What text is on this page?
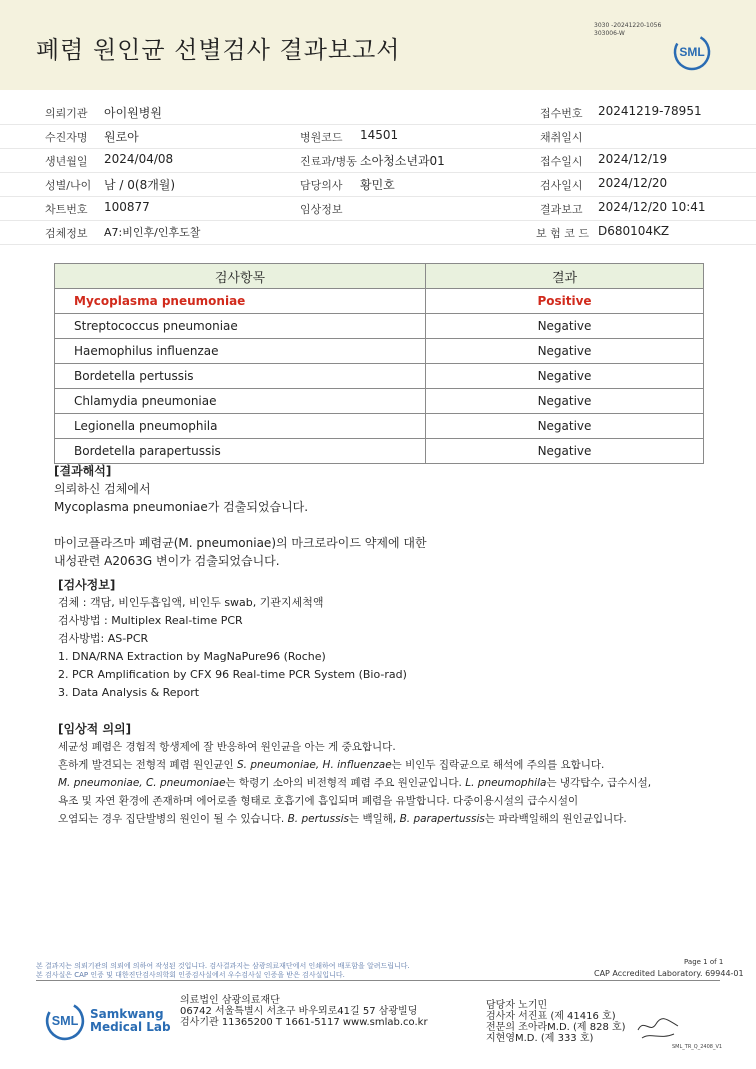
폐렴 원인균 선별검사 결과보고서
3030 -20241220-1056
303006-W
SML
의뢰기관 아이원병원	접수번호 20241219-78951
수진자명 원로아	병원코드 14501	채취일시
생년월일 2024/04/08	진료과/병동 소아청소년과01	접수일시 2024/12/19
성별/나이 남 / 0(8개월)	담당의사 황민호	검사일시 2024/12/20
차트번호 100877	임상정보	결과보고 2024/12/20 10:41
검체정보 A7:비인후/인후도찰	보 험 코 드 D680104KZ
검사항목	결과
Mycoplasma pneumoniae	Positive
Streptococcus pneumoniae	Negative
Haemophilus influenzae	Negative
Bordetella pertussis	Negative
Chlamydia pneumoniae	Negative
Legionella pneumophila	Negative
Bordetella parapertussis	Negative
[결과해석]
의뢰하신 검체에서
Mycoplasma pneumoniae가 검출되었습니다.
마이코플라즈마 폐렴균(M. pneumoniae)의 마크로라이드 약제에 대한
내성관련 A2063G 변이가 검출되었습니다.
[검사정보]
검체 : 객담, 비인두흡입액, 비인두 swab, 기관지세척액
검사방법 : Multiplex Real-time PCR
검사방법: AS-PCR
1. DNA/RNA Extraction by MagNaPure96 (Roche)
2. PCR Amplification by CFX 96 Real-time PCR System (Bio-rad)
3. Data Analysis & Report
[임상적 의의]
세균성 폐렴은 경험적 항생제에 잘 반응하여 원인균을 아는 게 중요합니다.
흔하게 발견되는 전형적 폐렴 원인균인 S. pneumoniae, H. influenzae는 비인두 집락균으로 해석에 주의를 요합니다.
M. pneumoniae, C. pneumoniae는 학령기 소아의 비전형적 폐렴 주요 원인균입니다. L. pneumophila는 냉각탑수, 급수시설,
욕조 및 자연 환경에 존재하며 에어로졸 형태로 호흡기에 흡입되며 폐렴을 유발합니다. 다중이용시설의 급수시설이
오염되는 경우 집단발병의 원인이 될 수 있습니다. B. pertussis는 백일해, B. parapertussis는 파라백일해의 원인균입니다.
본 결과지는 의뢰기관의 의뢰에 의하여 작성된 것입니다. 검사결과지는 삼광의료재단에서 인쇄하여 배포함을 알려드립니다.
본 검사실은 CAP 인증 및 대한진단검사의학회 인증검사실에서 우수검사실 인증을 받은 검사실입니다.
Page 1 of 1
CAP Accredited Laboratory. 69944-01
SML
Samkwang
Medical Lab
의료법인 삼광의료재단
06742 서울특별시 서초구 바우뫼로41길 57 삼광빌딩
검사기관 11365200 T 1661-5117 www.smlab.co.kr
담당자 노기민
검사자 서진표 (제 41416 호)
전문의 조아라M.D. (제 828 호)
지현영M.D. (제 333 호)
SML_TR_Q_2408_V1
